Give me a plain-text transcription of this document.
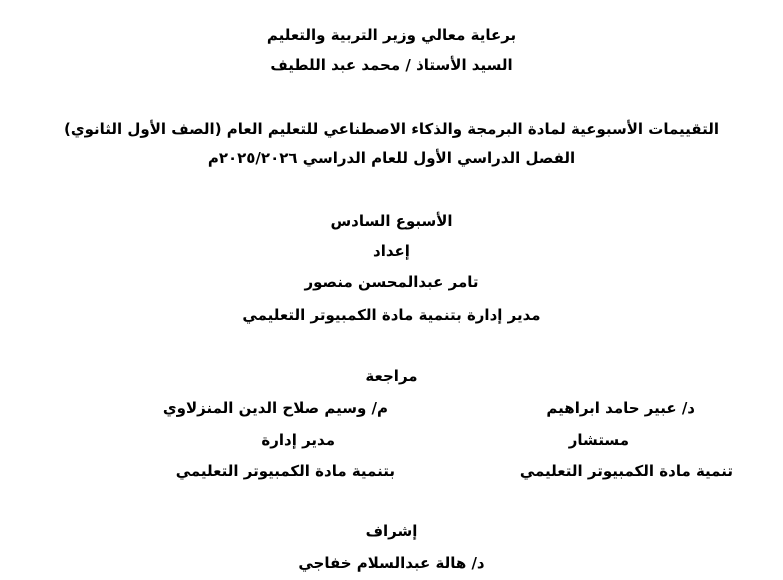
برعاية معالي وزير التربية والتعليم
السيد الأستاذ / محمد عبد اللطيف
التقييمات الأسبوعية لمادة البرمجة والذكاء الاصطناعي للتعليم العام (الصف الأول الثانوي)
الفصل الدراسي الأول للعام الدراسي ٢٠٢٥/٢٠٢٦م
الأسبوع السادس
إعداد
تامر عبدالمحسن منصور
مدير إدارة بتنمية مادة الكمبيوتر التعليمي
مراجعة
د/ عبير حامد ابراهيم
مستشار
تنمية مادة الكمبيوتر التعليمي
م/ وسيم صلاح الدين المنزلاوي
مدير إدارة
بتنمية مادة الكمبيوتر التعليمي
إشراف
د/ هالة عبدالسلام خفاجي
